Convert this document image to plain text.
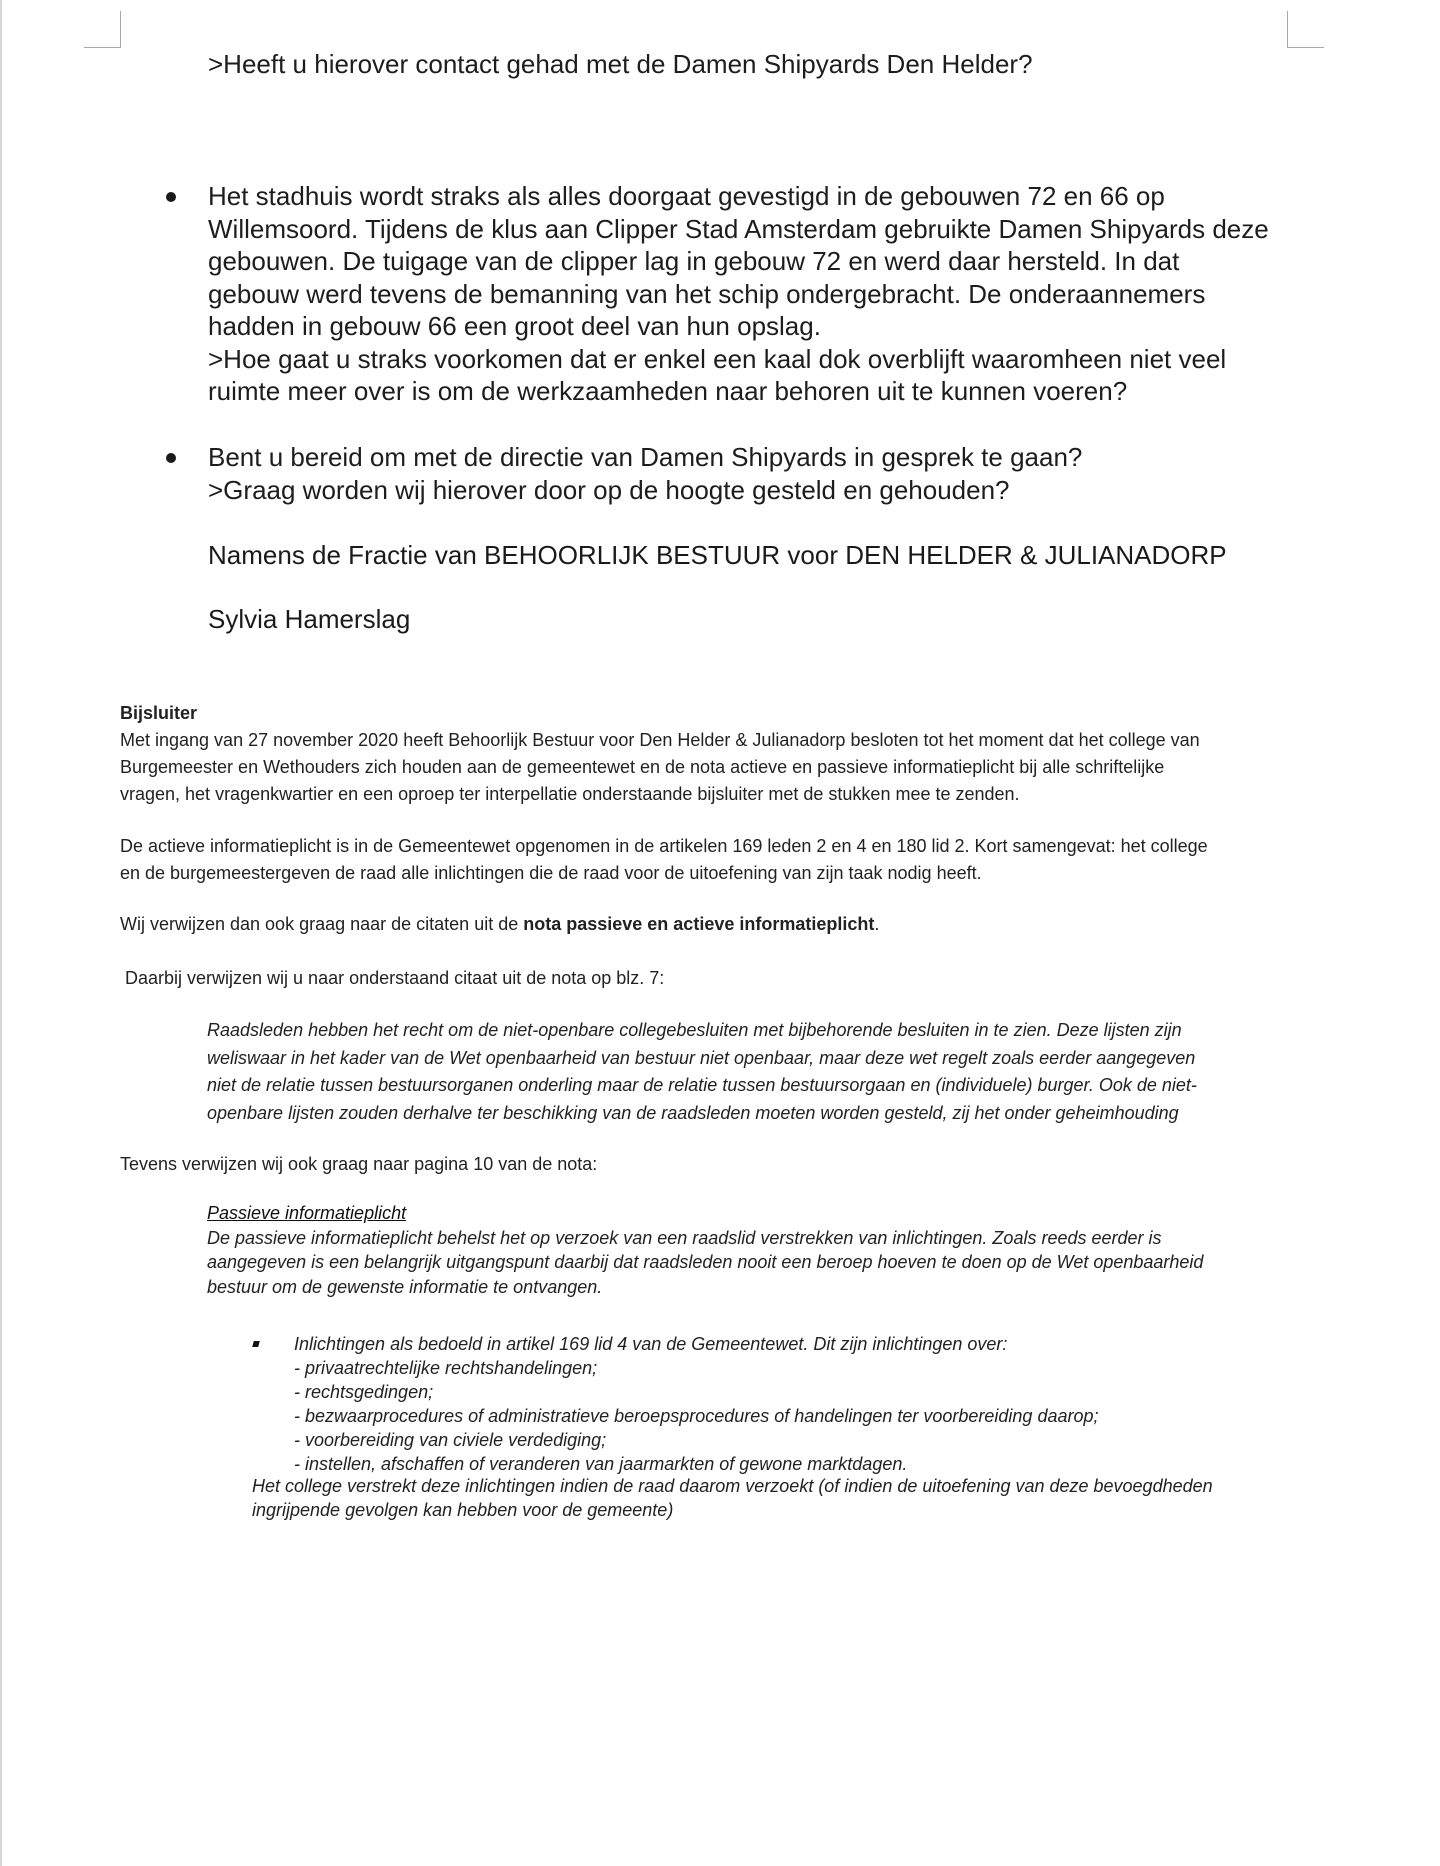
>Heeft u hierover contact gehad met de Damen Shipyards Den Helder?

Het stadhuis wordt straks als alles doorgaat gevestigd in de gebouwen 72 en 66 op

Willemsoord. Tijdens de klus aan Clipper Stad Amsterdam gebruikte Damen Shipyards deze

gebouwen. De tuigage van de clipper lag in gebouw 72 en werd daar hersteld. In dat

gebouw werd tevens de bemanning van het schip ondergebracht. De onderaannemers

hadden in gebouw 66 een groot deel van hun opslag.

>Hoe gaat u straks voorkomen dat er enkel een kaal dok overblijft waaromheen niet veel

ruimte meer over is om de werkzaamheden naar behoren uit te kunnen voeren?

Bent u bereid om met de directie van Damen Shipyards in gesprek te gaan?

>Graag worden wij hierover door op de hoogte gesteld en gehouden?

Namens de Fractie van BEHOORLIJK BESTUUR voor DEN HELDER & JULIANADORP
Sylvia Hamerslag
Bijsluiter

Met ingang van 27 november 2020 heeft Behoorlijk Bestuur voor Den Helder & Julianadorp besloten tot het moment dat het college van

Burgemeester en Wethouders zich houden aan de gemeentewet en de nota actieve en passieve informatieplicht bij alle schriftelijke

vragen, het vragenkwartier en een oproep ter interpellatie onderstaande bijsluiter met de stukken mee te zenden.

De actieve informatieplicht is in de Gemeentewet opgenomen in de artikelen 169 leden 2 en 4 en 180 lid 2. Kort samengevat: het college

en de burgemeestergeven de raad alle inlichtingen die de raad voor de uitoefening van zijn taak nodig heeft.

Wij verwijzen dan ook graag naar de citaten uit de nota passieve en actieve informatieplicht.
Daarbij verwijzen wij u naar onderstaand citaat uit de nota op blz. 7:
Raadsleden hebben het recht om de niet-openbare collegebesluiten met bijbehorende besluiten in te zien. Deze lijsten zijn
weliswaar in het kader van de Wet openbaarheid van bestuur niet openbaar, maar deze wet regelt zoals eerder aangegeven
niet de relatie tussen bestuursorganen onderling maar de relatie tussen bestuursorgaan en (individuele) burger. Ook de niet-
openbare lijsten zouden derhalve ter beschikking van de raadsleden moeten worden gesteld, zij het onder geheimhouding
Tevens verwijzen wij ook graag naar pagina 10 van de nota:

Passieve informatieplicht

De passieve informatieplicht behelst het op verzoek van een raadslid verstrekken van inlichtingen. Zoals reeds eerder is

aangegeven is een belangrijk uitgangspunt daarbij dat raadsleden nooit een beroep hoeven te doen op de Wet openbaarheid

bestuur om de gewenste informatie te ontvangen.

Inlichtingen als bedoeld in artikel 169 lid 4 van de Gemeentewet. Dit zijn inlichtingen over:
- privaatrechtelijke rechtshandelingen;
- rechtsgedingen;
- bezwaarprocedures of administratieve beroepsprocedures of handelingen ter voorbereiding daarop;
- voorbereiding van civiele verdediging;
- instellen, afschaffen of veranderen van jaarmarkten of gewone marktdagen.
Het college verstrekt deze inlichtingen indien de raad daarom verzoekt (of indien de uitoefening van deze bevoegdheden
ingrijpende gevolgen kan hebben voor de gemeente)
